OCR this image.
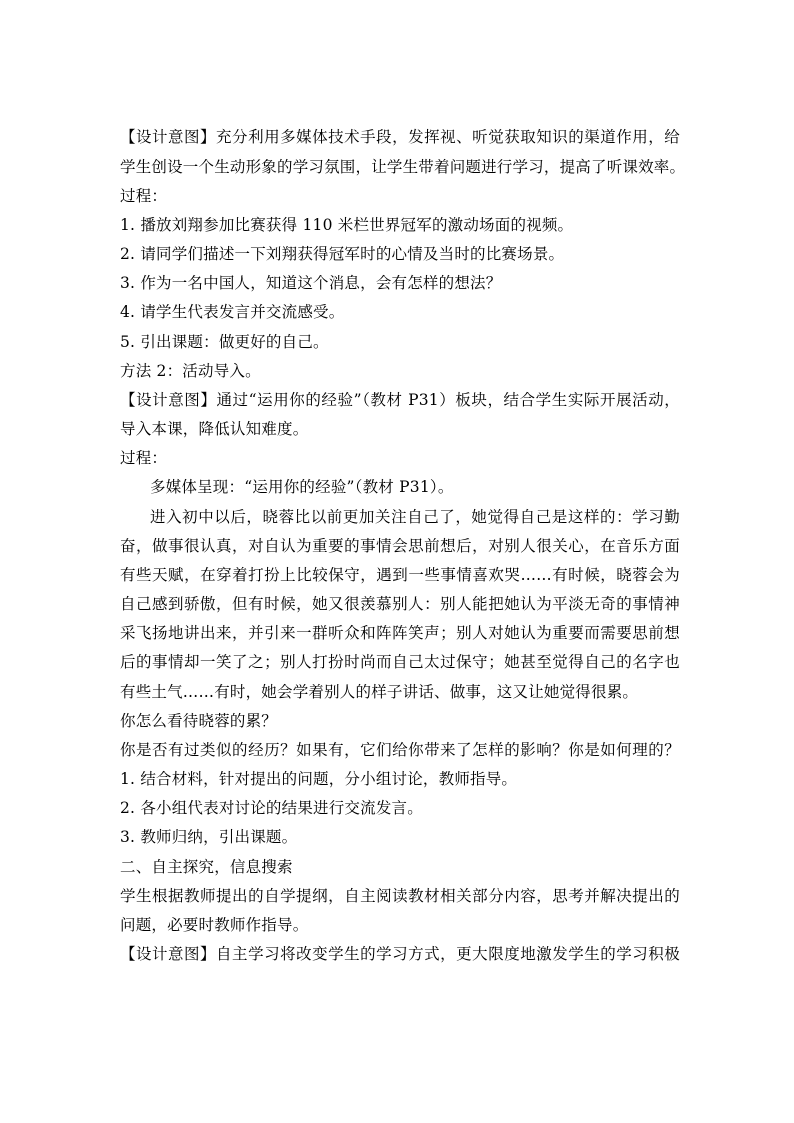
【设计意图】充分利用多媒体技术手段，发挥视、听觉获取知识的渠道作用，给
学生创设一个生动形象的学习氛围，让学生带着问题进行学习，提高了听课效率。
过程：
1. 播放刘翔参加比赛获得 110 米栏世界冠军的激动场面的视频。
2. 请同学们描述一下刘翔获得冠军时的心情及当时的比赛场景。
3. 作为一名中国人，知道这个消息，会有怎样的想法？
4. 请学生代表发言并交流感受。
5. 引出课题：做更好的自己。
方法 2：活动导入。
【设计意图】通过“运用你的经验”（教材 P31）板块，结合学生实际开展活动，
导入本课，降低认知难度。
过程：
多媒体呈现：“运用你的经验”（教材 P31）。
进入初中以后，晓蓉比以前更加关注自己了，她觉得自己是这样的：学习勤
奋，做事很认真，对自认为重要的事情会思前想后，对别人很关心，在音乐方面
有些天赋，在穿着打扮上比较保守，遇到一些事情喜欢哭……有时候，晓蓉会为
自己感到骄傲，但有时候，她又很羡慕别人：别人能把她认为平淡无奇的事情神
采飞扬地讲出来，并引来一群听众和阵阵笑声；别人对她认为重要而需要思前想
后的事情却一笑了之；别人打扮时尚而自己太过保守；她甚至觉得自己的名字也
有些土气……有时，她会学着别人的样子讲话、做事，这又让她觉得很累。
你怎么看待晓蓉的累？
你是否有过类似的经历？如果有，它们给你带来了怎样的影响？你是如何理的？
1. 结合材料，针对提出的问题，分小组讨论，教师指导。
2. 各小组代表对讨论的结果进行交流发言。
3. 教师归纳，引出课题。
二、自主探究，信息搜索
学生根据教师提出的自学提纲，自主阅读教材相关部分内容，思考并解决提出的
问题，必要时教师作指导。
【设计意图】自主学习将改变学生的学习方式，更大限度地激发学生的学习积极
